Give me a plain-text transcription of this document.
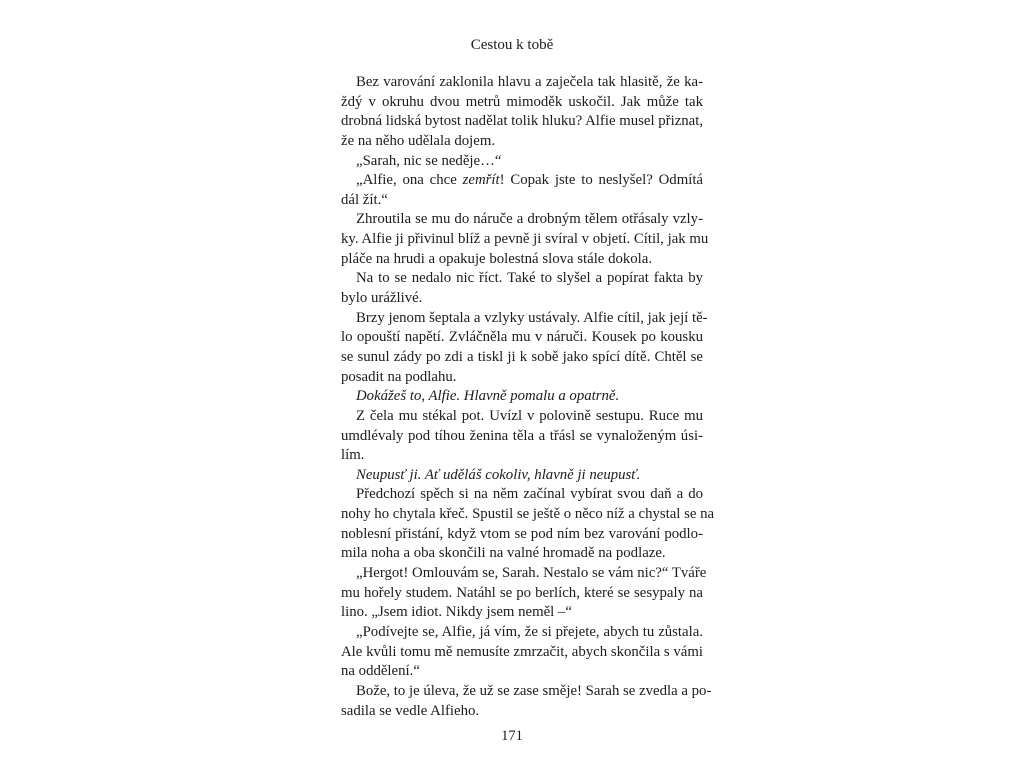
Cestou k tobě
Bez varování zaklonila hlavu a zaječela tak hlasitě, že ka-
ždý v okruhu dvou metrů mimoděk uskočil. Jak může tak
drobná lidská bytost nadělat tolik hluku? Alfie musel přiznat,
že na něho udělala dojem.
„Sarah, nic se neděje…“
„Alfie, ona chce zemřít! Copak jste to neslyšel? Odmítá
dál žít.“
Zhroutila se mu do náruče a drobným tělem otřásaly vzly-
ky. Alfie ji přivinul blíž a pevně ji svíral v objetí. Cítil, jak mu
pláče na hrudi a opakuje bolestná slova stále dokola.
Na to se nedalo nic říct. Také to slyšel a popírat fakta by
bylo urážlivé.
Brzy jenom šeptala a vzlyky ustávaly. Alfie cítil, jak její tě-
lo opouští napětí. Zvláčněla mu v náruči. Kousek po kousku
se sunul zády po zdi a tiskl ji k sobě jako spící dítě. Chtěl se
posadit na podlahu.
Dokážeš to, Alfie. Hlavně pomalu a opatrně.
Z čela mu stékal pot. Uvízl v polovině sestupu. Ruce mu
umdlévaly pod tíhou ženina těla a třásl se vynaloženým úsi-
lím.
Neupusť ji. Ať uděláš cokoliv, hlavně ji neupusť.
Předchozí spěch si na něm začínal vybírat svou daň a do
nohy ho chytala křeč. Spustil se ještě o něco níž a chystal se na
noblesní přistání, když vtom se pod ním bez varování podlo-
mila noha a oba skončili na valné hromadě na podlaze.
„Hergot! Omlouvám se, Sarah. Nestalo se vám nic?“ Tváře
mu hořely studem. Natáhl se po berlích, které se sesypaly na
lino. „Jsem idiot. Nikdy jsem neměl –“
„Podívejte se, Alfie, já vím, že si přejete, abych tu zůstala.
Ale kvůli tomu mě nemusíte zmrzačit, abych skončila s vámi
na oddělení.“
Bože, to je úleva, že už se zase směje! Sarah se zvedla a po-
sadila se vedle Alfieho.
171
